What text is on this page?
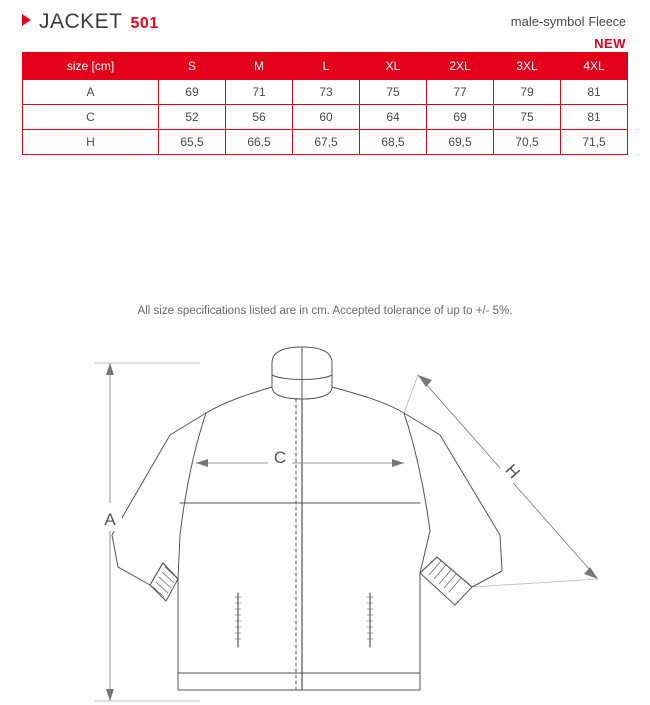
JACKET 501	male-symbol Fleece
NEW
size [cm]	S	M	L	XL	2XL	3XL	4XL
A	69	71	73	75	77	79	81
C	52	56	60	64	69	75	81
H	65,5	66,5	67,5	68,5	69,5	70,5	71,5
All size specifications listed are in cm. Accepted tolerance of up to +/- 5%.
A
C
H
